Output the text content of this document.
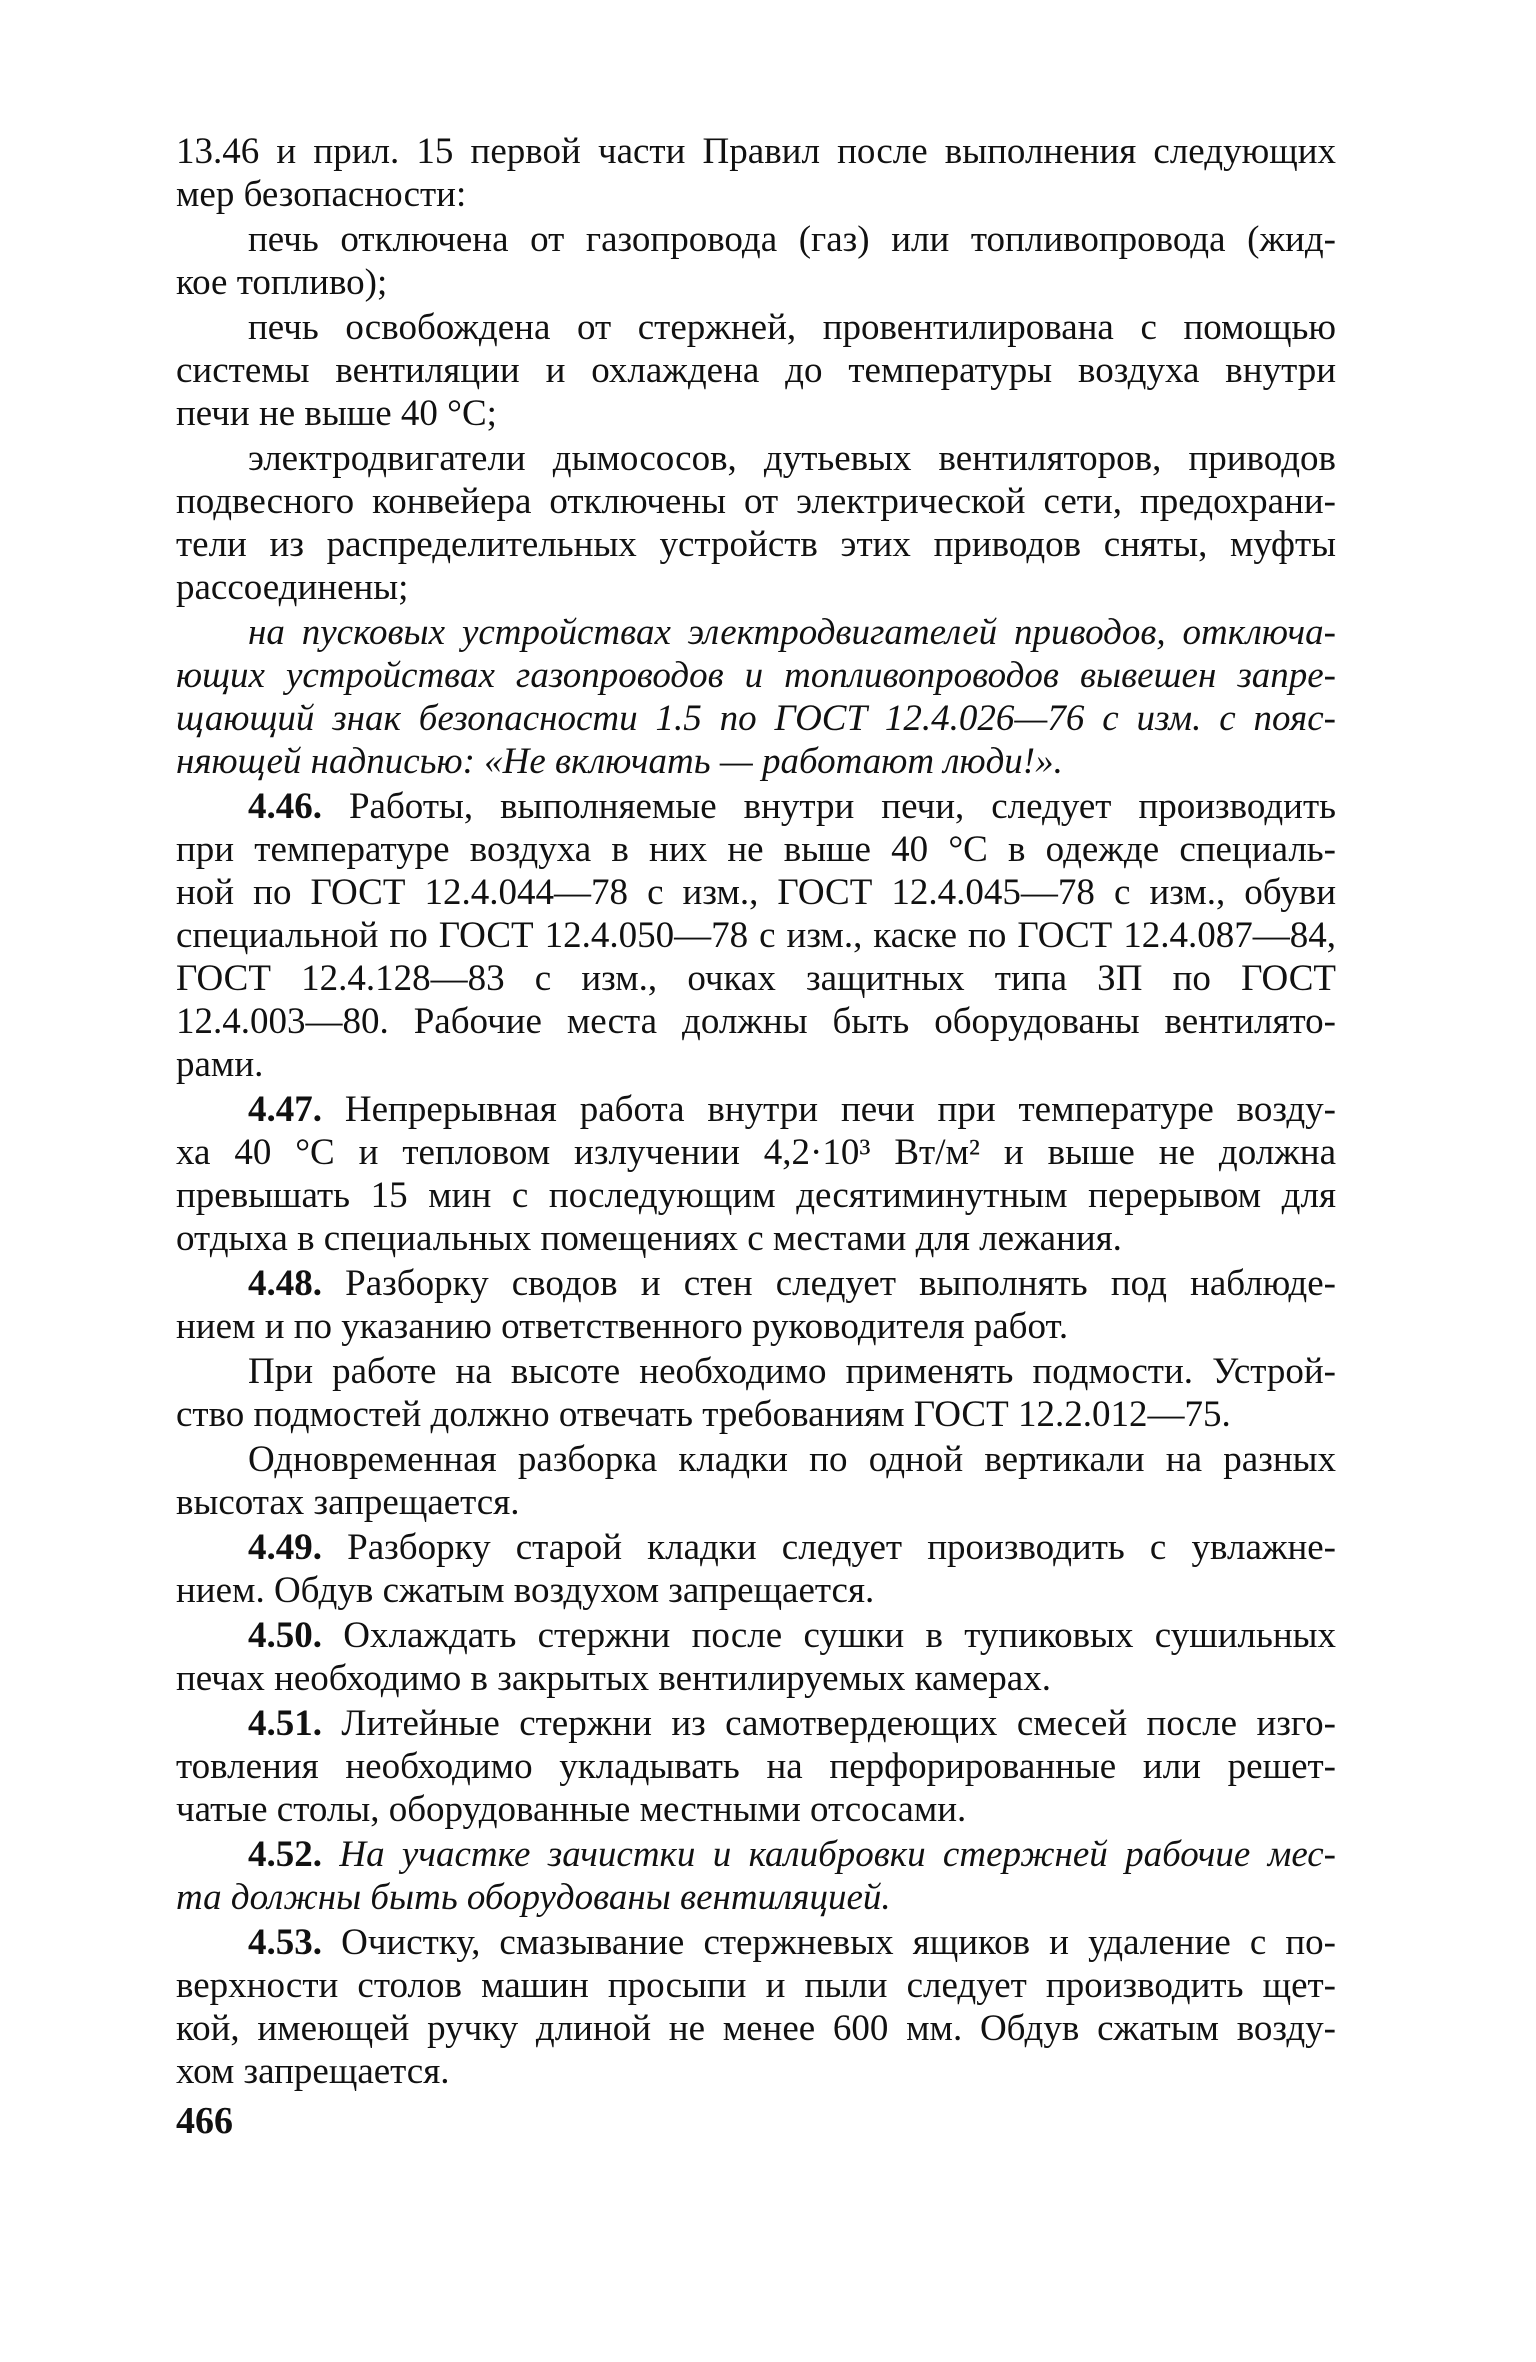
13.46 и прил. 15 первой части Правил после выполнения следующих
мер безопасности:
печь отключена от газопровода (газ) или топливопровода (жид-
кое топливо);
печь освобождена от стержней, провентилирована с помощью
системы вентиляции и охлаждена до температуры воздуха внутри
печи не выше 40 °С;
электродвигатели дымососов, дутьевых вентиляторов, приводов
подвесного конвейера отключены от электрической сети, предохрани-
тели из распределительных устройств этих приводов сняты, муфты
рассоединены;
на пусковых устройствах электродвигателей приводов, отключа-
ющих устройствах газопроводов и топливопроводов вывешен запре-
щающий знак безопасности 1.5 по ГОСТ 12.4.026—76 с изм. с пояс-
няющей надписью: «Не включать — работают люди!».
4.46. Работы, выполняемые внутри печи, следует производить
при температуре воздуха в них не выше 40 °С в одежде специаль-
ной по ГОСТ 12.4.044—78 с изм., ГОСТ 12.4.045—78 с изм., обуви
специальной по ГОСТ 12.4.050—78 с изм., каске по ГОСТ 12.4.087—84,
ГОСТ 12.4.128—83 с изм., очках защитных типа ЗП по ГОСТ
12.4.003—80. Рабочие места должны быть оборудованы вентилято-
рами.
4.47. Непрерывная работа внутри печи при температуре возду-
ха 40 °С и тепловом излучении 4,2·10³ Вт/м² и выше не должна
превышать 15 мин с последующим десятиминутным перерывом для
отдыха в специальных помещениях с местами для лежания.
4.48. Разборку сводов и стен следует выполнять под наблюде-
нием и по указанию ответственного руководителя работ.
При работе на высоте необходимо применять подмости. Устрой-
ство подмостей должно отвечать требованиям ГОСТ 12.2.012—75.
Одновременная разборка кладки по одной вертикали на разных
высотах запрещается.
4.49. Разборку старой кладки следует производить с увлажне-
нием. Обдув сжатым воздухом запрещается.
4.50. Охлаждать стержни после сушки в тупиковых сушильных
печах необходимо в закрытых вентилируемых камерах.
4.51. Литейные стержни из самотвердеющих смесей после изго-
товления необходимо укладывать на перфорированные или решет-
чатые столы, оборудованные местными отсосами.
4.52. На участке зачистки и калибровки стержней рабочие мес-
та должны быть оборудованы вентиляцией.
4.53. Очистку, смазывание стержневых ящиков и удаление с по-
верхности столов машин просыпи и пыли следует производить щет-
кой, имеющей ручку длиной не менее 600 мм. Обдув сжатым возду-
хом запрещается.
466
